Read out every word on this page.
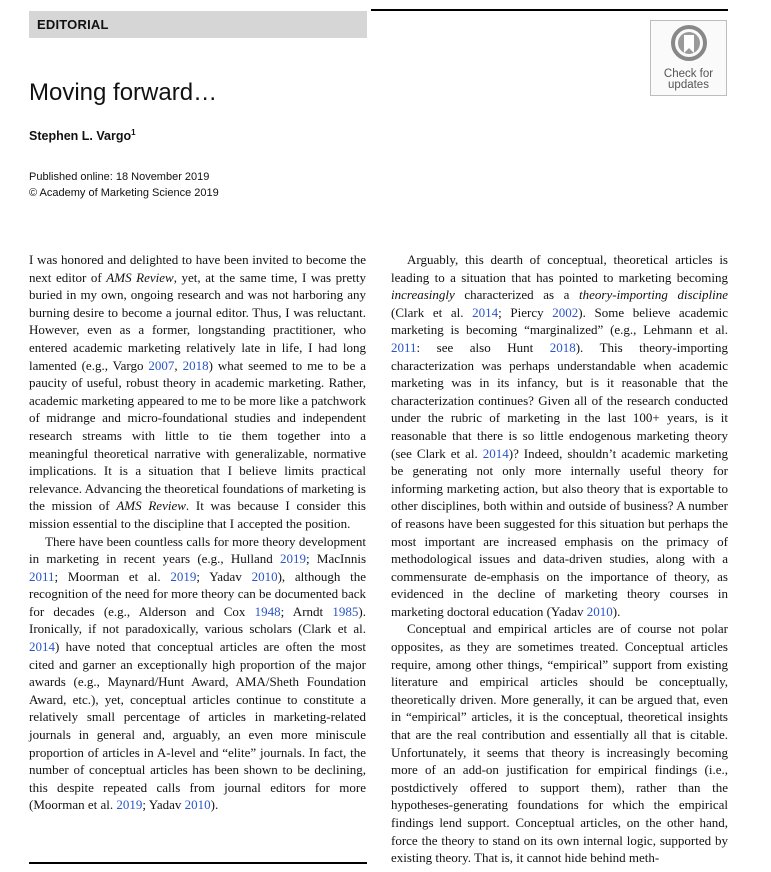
EDITORIAL
Check for
updates
Moving forward…
Stephen L. Vargo$^1$
Published online: 18 November 2019
© Academy of Marketing Science 2019

I was honored and delighted to have been invited to become the next editor of AMS Review, yet, at the same time, I was pretty buried in my own, ongoing research and was not harboring any burning desire to become a journal editor. Thus, I was reluctant. However, even as a former, longstanding practitioner, who entered academic marketing relatively late in life, I had long lamented (e.g., Vargo 2007, 2018) what seemed to me to be a paucity of useful, robust theory in academic marketing. Rather, academic marketing appeared to me to be more like a patchwork of midrange and micro-foundational studies and independent research streams with little to tie them together into a meaningful theoretical narrative with generalizable, normative implications. It is a situation that I believe limits practical relevance. Advancing the theoretical foundations of marketing is the mission of AMS Review. It was because I consider this mission essential to the discipline that I accepted the position.

There have been countless calls for more theory development in marketing in recent years (e.g., Hulland 2019; MacInnis 2011; Moorman et al. 2019; Yadav 2010), although the recognition of the need for more theory can be documented back for decades (e.g., Alderson and Cox 1948; Arndt 1985). Ironically, if not paradoxically, various scholars (Clark et al. 2014) have noted that conceptual articles are often the most cited and garner an exceptionally high proportion of the major awards (e.g., Maynard/Hunt Award, AMA/Sheth Foundation Award, etc.), yet, conceptual articles continue to constitute a relatively small percentage of articles in marketing-related journals in general and, arguably, an even more miniscule proportion of articles in A-level and “elite” journals. In fact, the number of conceptual articles has been shown to be declining, this despite repeated calls from journal editors for more (Moorman et al. 2019; Yadav 2010).

Arguably, this dearth of conceptual, theoretical articles is leading to a situation that has pointed to marketing becoming increasingly characterized as a theory-importing discipline (Clark et al. 2014; Piercy 2002). Some believe academic marketing is becoming “marginalized” (e.g., Lehmann et al. 2011: see also Hunt 2018). This theory-importing characterization was perhaps understandable when academic marketing was in its infancy, but is it reasonable that the characterization continues? Given all of the research conducted under the rubric of marketing in the last 100+ years, is it reasonable that there is so little endogenous marketing theory (see Clark et al. 2014)? Indeed, shouldn’t academic marketing be generating not only more internally useful theory for informing marketing action, but also theory that is exportable to other disciplines, both within and outside of business? A number of reasons have been suggested for this situation but perhaps the most important are increased emphasis on the primacy of methodological issues and data-driven studies, along with a commensurate de-emphasis on the importance of theory, as evidenced in the decline of marketing theory courses in marketing doctoral education (Yadav 2010).

Conceptual and empirical articles are of course not polar opposites, as they are sometimes treated. Conceptual articles require, among other things, “empirical” support from existing literature and empirical articles should be conceptually, theoretically driven. More generally, it can be argued that, even in “empirical” articles, it is the conceptual, theoretical insights that are the real contribution and essentially all that is citable. Unfortunately, it seems that theory is increasingly becoming more of an add-on justification for empirical findings (i.e., postdictively offered to support them), rather than the hypotheses-generating foundations for which the empirical findings lend support. Conceptual articles, on the other hand, force the theory to stand on its own internal logic, supported by existing theory. That is, it cannot hide behind meth-
